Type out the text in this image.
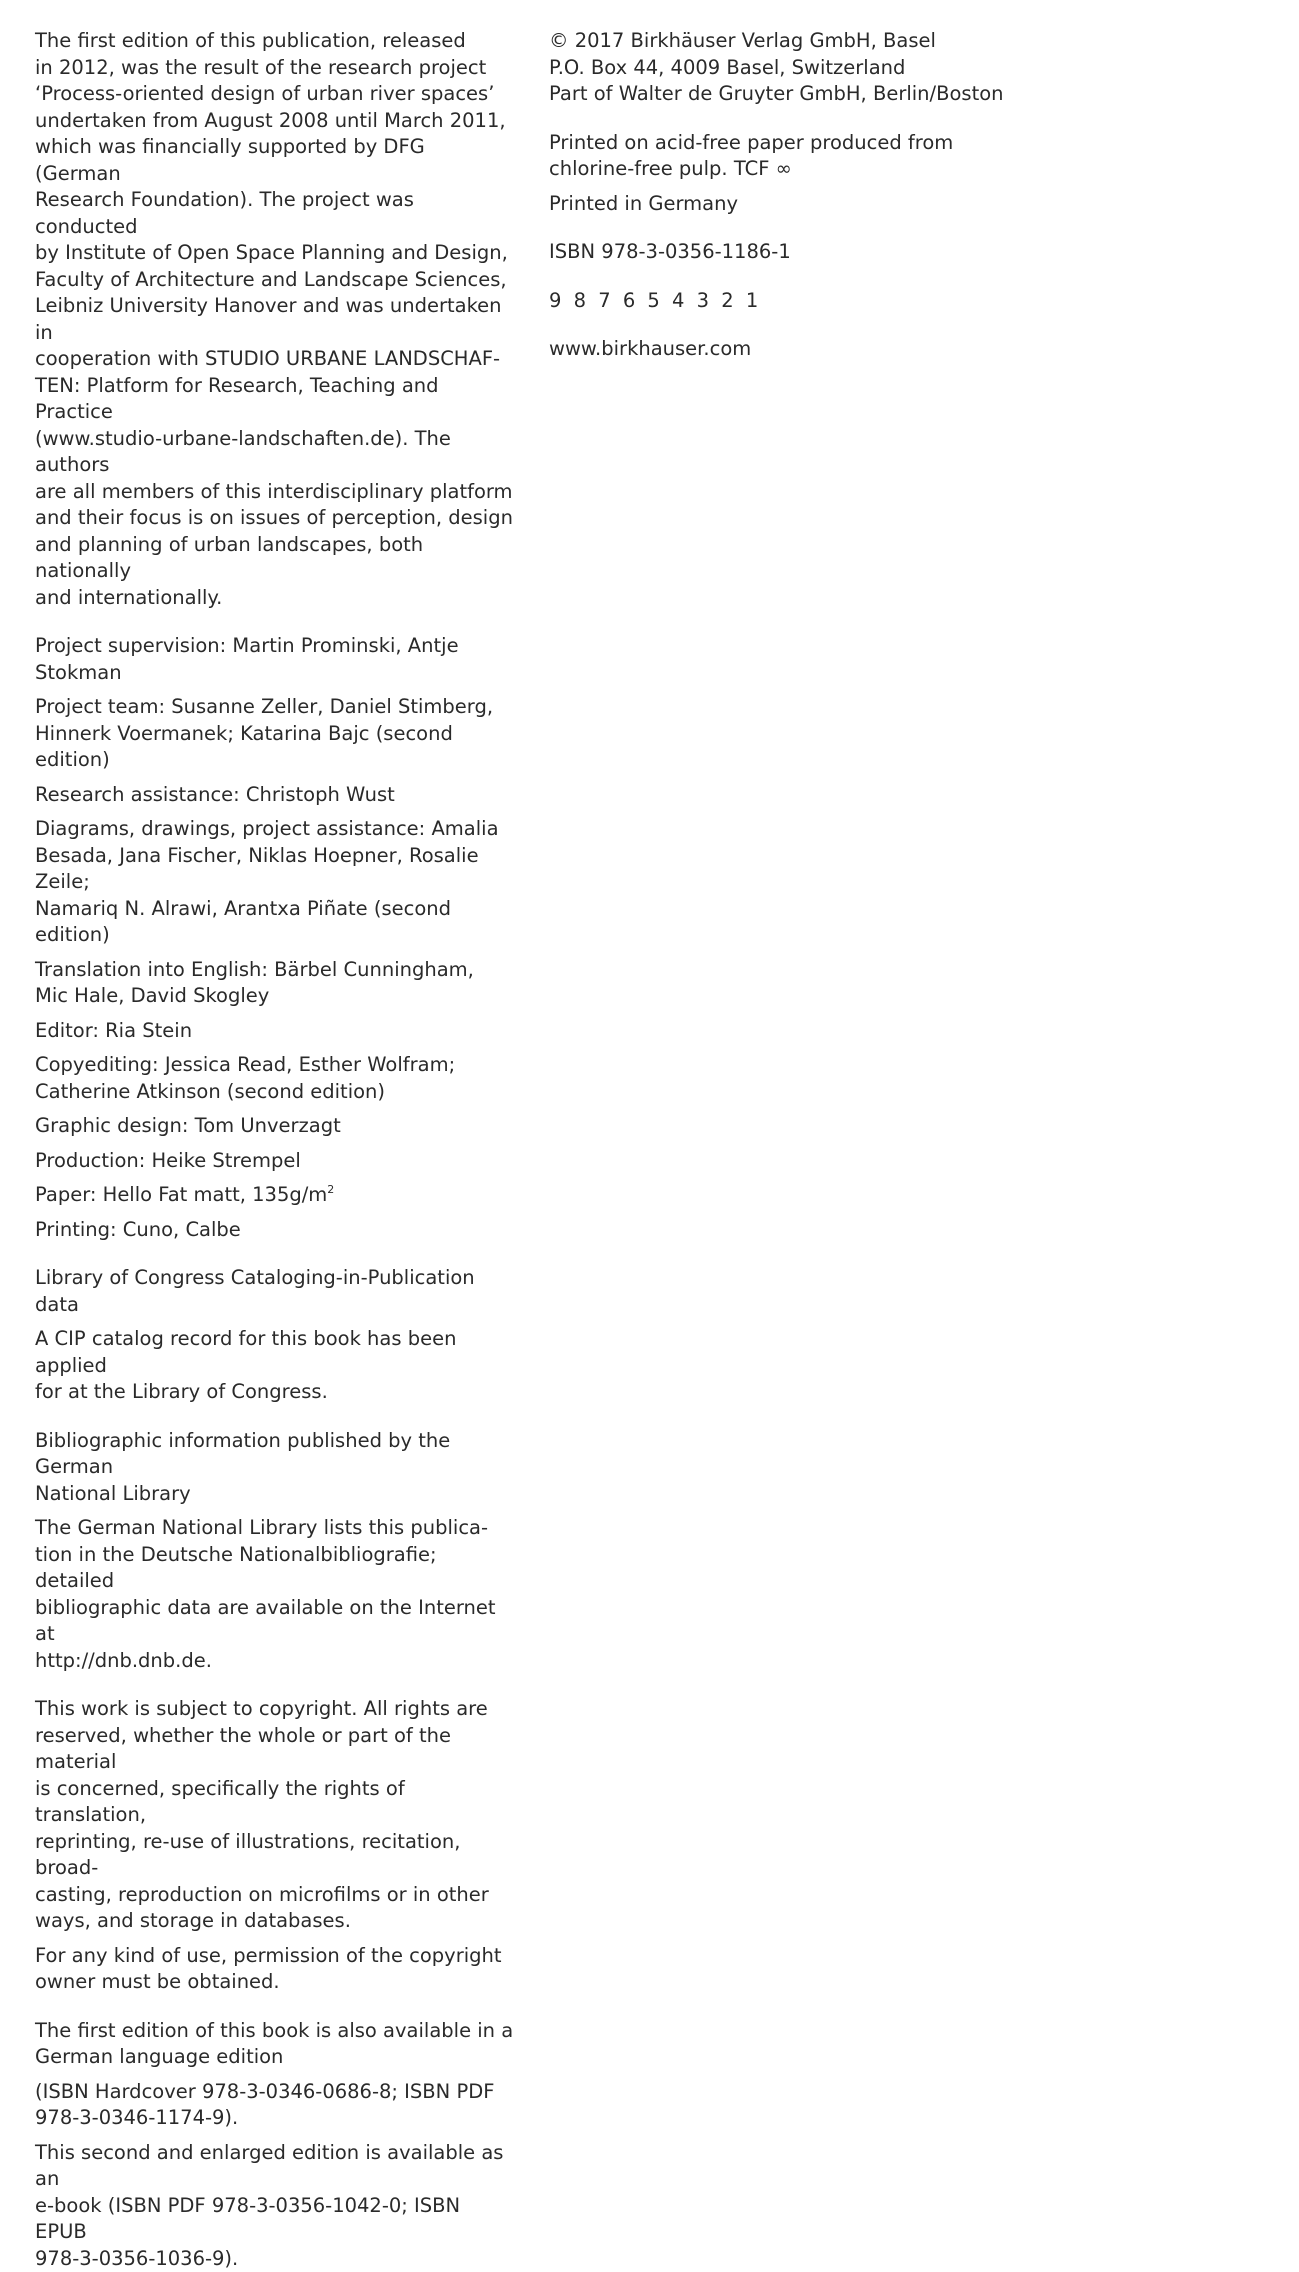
The first edition of this publication, released
in 2012, was the result of the research project
‘Process-oriented design of urban river spaces’
undertaken from August 2008 until March 2011,
which was financially supported by DFG (German
Research Foundation). The project was conducted
by Institute of Open Space Planning and Design,
Faculty of Architecture and Landscape Sciences,
Leibniz University Hanover and was undertaken in
cooperation with STUDIO URBANE LANDSCHAF-
TEN: Platform for Research, Teaching and Practice
(www.studio-urbane-landschaften.de). The authors
are all members of this interdisciplinary platform
and their focus is on issues of perception, design
and planning of urban landscapes, both nationally
and internationally.

Project supervision: Martin Prominski, Antje Stokman

Project team: Susanne Zeller, Daniel Stimberg,
Hinnerk Voermanek; Katarina Bajc (second edition)

Research assistance: Christoph Wust

Diagrams, drawings, project assistance: Amalia
Besada, Jana Fischer, Niklas Hoepner, Rosalie Zeile;
Namariq N. Alrawi, Arantxa Piñate (second edition)

Translation into English: Bärbel Cunningham,
Mic Hale, David Skogley

Editor: Ria Stein

Copyediting: Jessica Read, Esther Wolfram;
Catherine Atkinson (second edition)

Graphic design: Tom Unverzagt

Production: Heike Strempel

Paper: Hello Fat matt, $135g/m^2$

Printing: Cuno, Calbe

Library of Congress Cataloging-in-Publication data

A CIP catalog record for this book has been applied
for at the Library of Congress.

Bibliographic information published by the German
National Library

The German National Library lists this publica-
tion in the Deutsche Nationalbibliografie; detailed
bibliographic data are available on the Internet at
http://dnb.dnb.de.

This work is subject to copyright. All rights are
reserved, whether the whole or part of the material
is concerned, specifically the rights of translation,
reprinting, re-use of illustrations, recitation, broad-
casting, reproduction on microfilms or in other
ways, and storage in databases.

For any kind of use, permission of the copyright
owner must be obtained.

The first edition of this book is also available in a
German language edition

(ISBN Hardcover 978-3-0346-0686-8; ISBN PDF
978-3-0346-1174-9).

This second and enlarged edition is available as an
e-book (ISBN PDF 978-3-0356-1042-0; ISBN EPUB
978-3-0356-1036-9).

© 2017 Birkhäuser Verlag GmbH, Basel
P.O. Box 44, 4009 Basel, Switzerland
Part of Walter de Gruyter GmbH, Berlin/Boston

Printed on acid-free paper produced from
chlorine-free pulp. TCF ∞

Printed in Germany

ISBN 978-3-0356-1186-1

9 8 7 6 5 4 3 2 1

www.birkhauser.com
